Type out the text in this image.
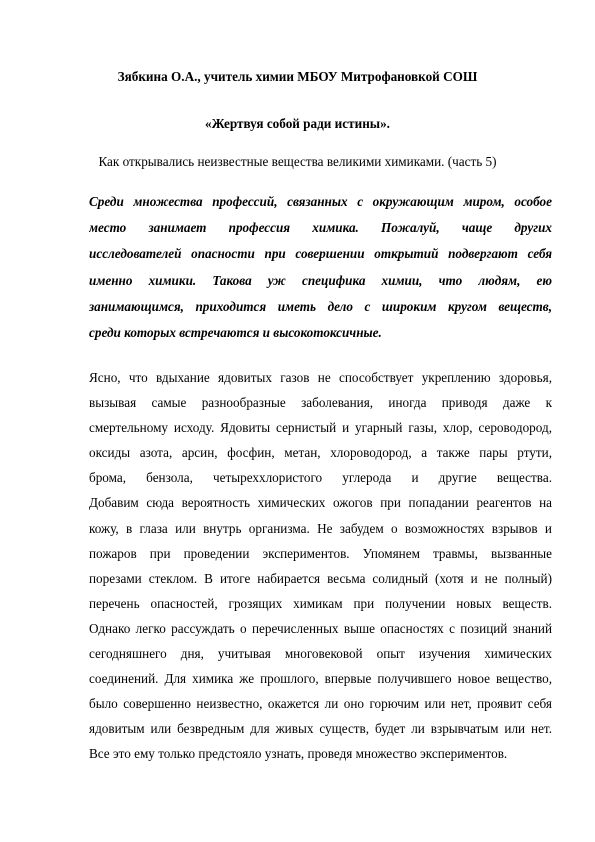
Зябкина О.А., учитель химии МБОУ Митрофановкой СОШ
«Жертвуя собой ради истины».
Как открывались неизвестные вещества великими химиками. (часть 5)
Среди множества профессий, связанных с окружающим миром, особое
место занимает профессия химика. Пожалуй, чаще других
исследователей опасности при совершении открытий подвергают себя
именно химики. Такова уж специфика химии, что людям, ею
занимающимся, приходится иметь дело с широким кругом веществ,
среди которых встречаются и высокотоксичные.
Ясно, что вдыхание ядовитых газов не способствует укреплению здоровья,
вызывая самые разнообразные заболевания, иногда приводя даже к
смертельному исходу. Ядовиты сернистый и угарный газы, хлор, сероводород,
оксиды азота, арсин, фосфин, метан, хлороводород, а также пары ртути,
брома, бензола, четыреххлористого углерода и другие вещества.
Добавим сюда вероятность химических ожогов при попадании реагентов на
кожу, в глаза или внутрь организма. Не забудем о возможностях взрывов и
пожаров при проведении экспериментов. Упомянем травмы, вызванные
порезами стеклом. В итоге набирается весьма солидный (хотя и не полный)
перечень опасностей, грозящих химикам при получении новых веществ.
Однако легко рассуждать о перечисленных выше опасностях с позиций знаний
сегодняшнего дня, учитывая многовековой опыт изучения химических
соединений. Для химика же прошлого, впервые получившего новое вещество,
было совершенно неизвестно, окажется ли оно горючим или нет, проявит себя
ядовитым или безвредным для живых существ, будет ли взрывчатым или нет.
Все это ему только предстояло узнать, проведя множество экспериментов.
